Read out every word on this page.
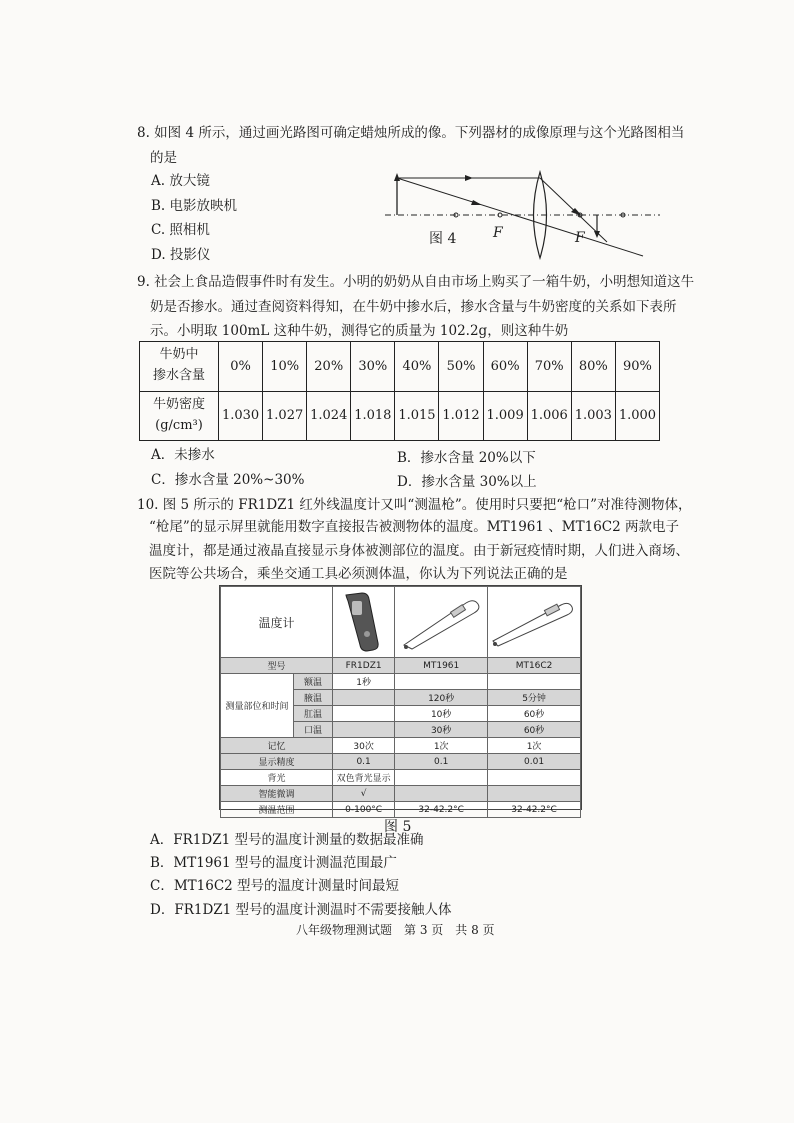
8. 如图 4 所示，通过画光路图可确定蜡烛所成的像。下列器材的成像原理与这个光路图相当
的是
A. 放大镜
B. 电影放映机
C. 照相机
D. 投影仪
图 4	F	F
9. 社会上食品造假事件时有发生。小明的奶奶从自由市场上购买了一箱牛奶，小明想知道这牛
奶是否掺水。通过查阅资料得知，在牛奶中掺水后，掺水含量与牛奶密度的关系如下表所
示。小明取 100mL 这种牛奶，测得它的质量为 102.2g，则这种牛奶
牛奶中
掺水含量	0%	10%	20%	30%	40%	50%	60%	70%	80%	90%

牛奶密度
(g/cm³)	1.030	1.027	1.024	1.018	1.015	1.012	1.009	1.006	1.003	1.000
A．未掺水	B．掺水含量 20%以下
C．掺水含量 20%~30%	D．掺水含量 30%以上
10. 图 5 所示的 FR1DZ1 红外线温度计又叫“测温枪”。使用时只要把“枪口”对准待测物体，
“枪尾”的显示屏里就能用数字直接报告被测物体的温度。MT1961 、MT16C2 两款电子
温度计，都是通过液晶直接显示身体被测部位的温度。由于新冠疫情时期，人们进入商场、
医院等公共场合，乘坐交通工具必须测体温，你认为下列说法正确的是
温度计			
型号		FR1DZ1	MT1961	MT16C2
测量部位和时间	额温	1秒		
	腋温		120秒	5分钟
	肛温		10秒	60秒
	口温		30秒	60秒
记忆		30次	1次	1次
显示精度		0.1	0.1	0.01
背光		双色背光显示		
智能微调		√		
测温范围		0-100°C	32-42.2°C	32-42.2°C
图 5
A．FR1DZ1 型号的温度计测量的数据最准确
B．MT1961 型号的温度计测温范围最广
C．MT16C2 型号的温度计测量时间最短
D．FR1DZ1 型号的温度计测温时不需要接触人体
八年级物理测试题　第 3 页　共 8 页
